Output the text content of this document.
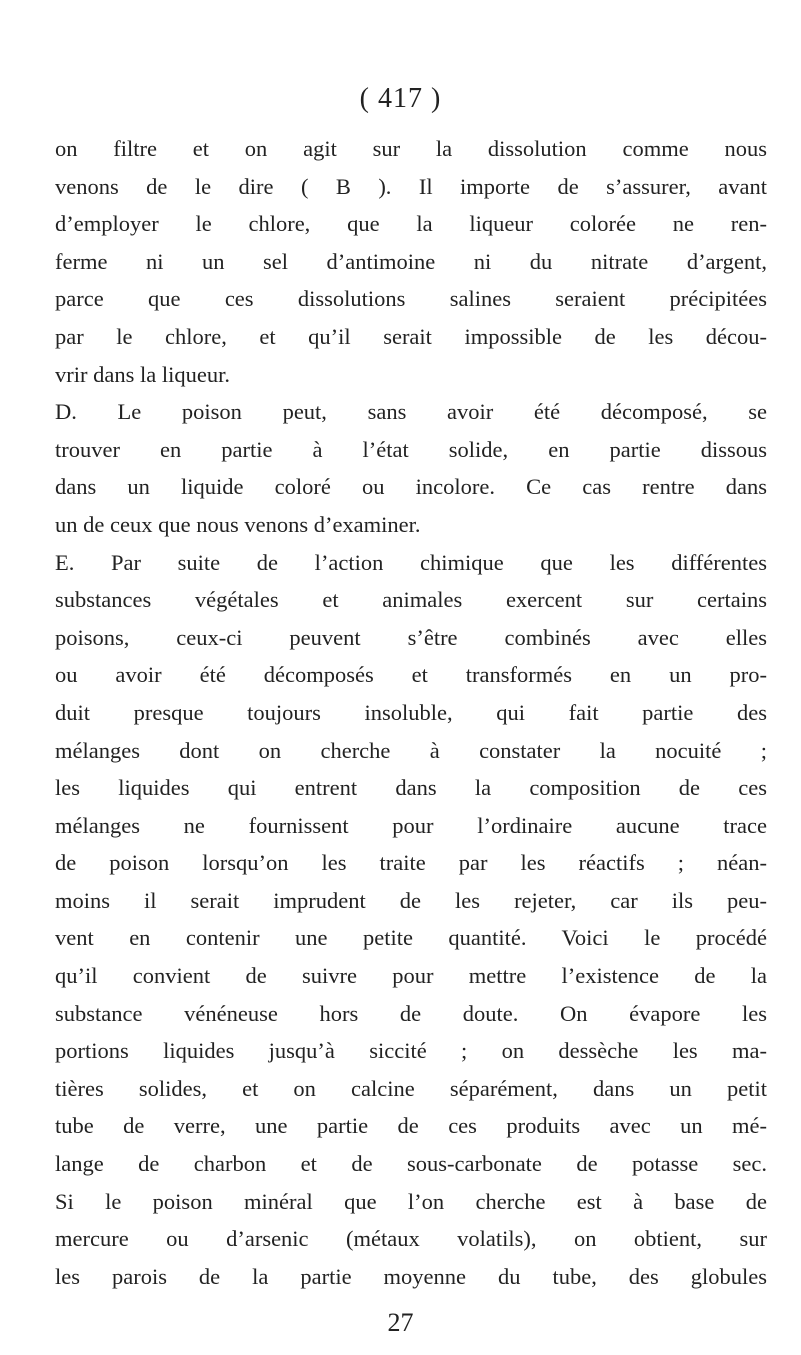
( 417 )
on filtre et on agit sur la dissolution comme nous
venons de le dire ( B ). Il importe de s’assurer, avant
d’employer le chlore, que la liqueur colorée ne ren-
ferme ni un sel d’antimoine ni du nitrate d’argent,
parce que ces dissolutions salines seraient précipitées
par le chlore, et qu’il serait impossible de les décou-
vrir dans la liqueur.
D. Le poison peut, sans avoir été décomposé, se
trouver en partie à l’état solide, en partie dissous
dans un liquide coloré ou incolore. Ce cas rentre dans
un de ceux que nous venons d’examiner.
E. Par suite de l’action chimique que les différentes
substances végétales et animales exercent sur certains
poisons, ceux-ci peuvent s’être combinés avec elles
ou avoir été décomposés et transformés en un pro-
duit presque toujours insoluble, qui fait partie des
mélanges dont on cherche à constater la nocuité ;
les liquides qui entrent dans la composition de ces
mélanges ne fournissent pour l’ordinaire aucune trace
de poison lorsqu’on les traite par les réactifs ; néan-
moins il serait imprudent de les rejeter, car ils peu-
vent en contenir une petite quantité. Voici le procédé
qu’il convient de suivre pour mettre l’existence de la
substance vénéneuse hors de doute. On évapore les
portions liquides jusqu’à siccité ; on dessèche les ma-
tières solides, et on calcine séparément, dans un petit
tube de verre, une partie de ces produits avec un mé-
lange de charbon et de sous-carbonate de potasse sec.
Si le poison minéral que l’on cherche est à base de
mercure ou d’arsenic (métaux volatils), on obtient, sur
les parois de la partie moyenne du tube, des globules
27
